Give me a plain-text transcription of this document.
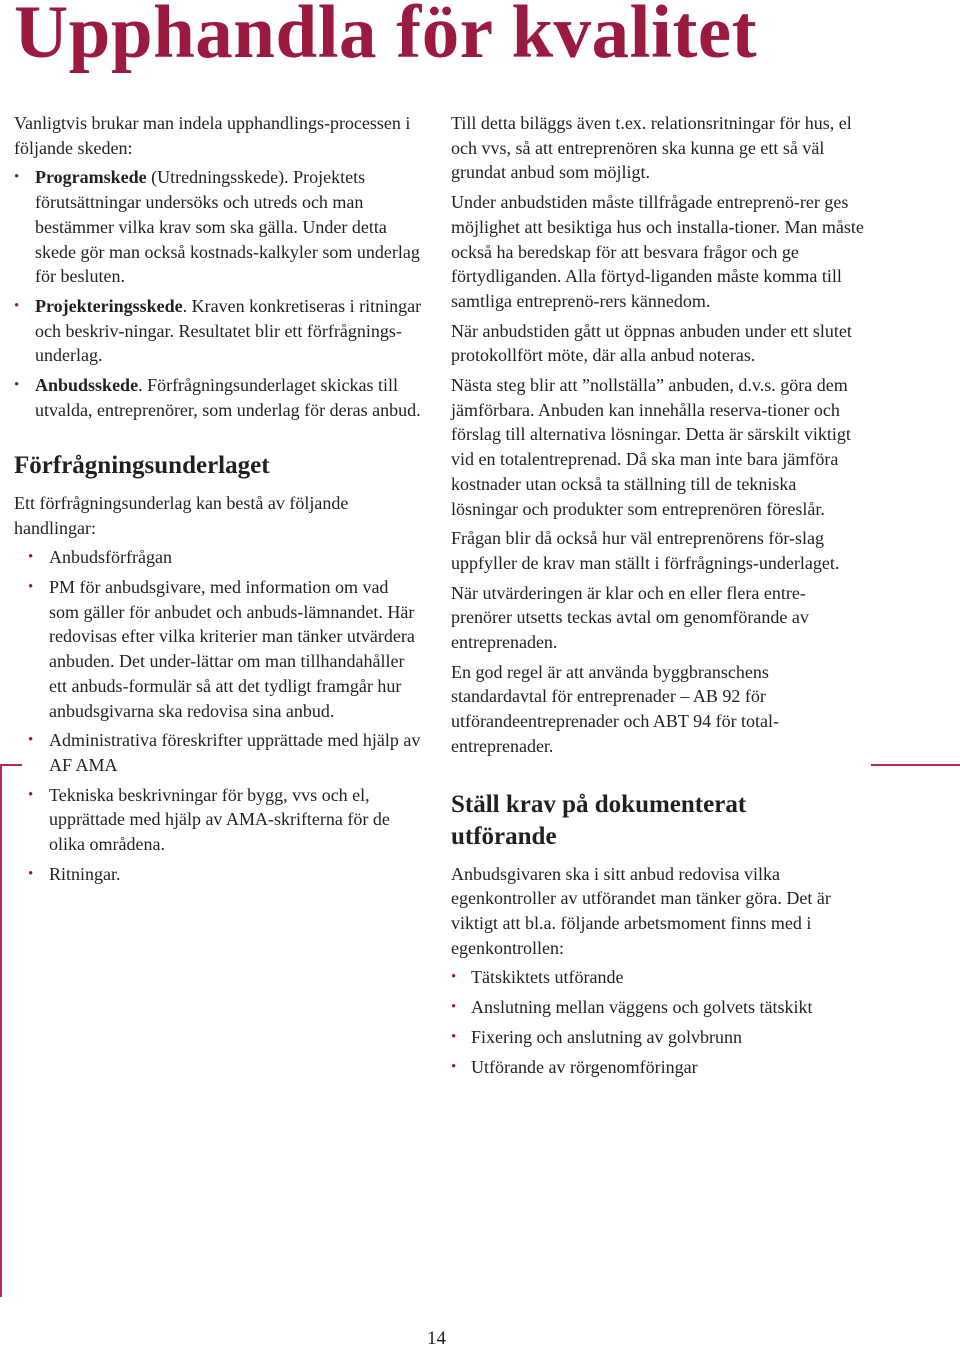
Upphandla för kvalitet

Vanligtvis brukar man indela upphandlings-processen i följande skeden:

• Programskede (Utredningsskede). Projektets förutsättningar undersöks och utreds och man bestämmer vilka krav som ska gälla. Under detta skede gör man också kostnads-kalkyler som underlag för besluten.
• Projekteringsskede. Kraven konkretiseras i ritningar och beskriv-ningar. Resultatet blir ett förfrågnings-underlag.
• Anbudsskede. Förfrågningsunderlaget skickas till utvalda, entreprenörer, som underlag för deras anbud.
Förfrågningsunderlaget

Ett förfrågningsunderlag kan bestå av följande handlingar:

• Anbudsförfrågan
• PM för anbudsgivare, med information om vad som gäller för anbudet och anbuds-lämnandet. Här redovisas efter vilka kriterier man tänker utvärdera anbuden. Det under-lättar om man tillhandahåller ett anbuds-formulär så att det tydligt framgår hur anbudsgivarna ska redovisa sina anbud.
• Administrativa föreskrifter upprättade med hjälp av AF AMA
• Tekniska beskrivningar för bygg, vvs och el, upprättade med hjälp av AMA-skrifterna för de olika områdena.
• Ritningar.

Till detta biläggs även t.ex. relationsritningar för hus, el och vvs, så att entreprenören ska kunna ge ett så väl grundat anbud som möjligt.

Under anbudstiden måste tillfrågade entreprenö-rer ges möjlighet att besiktiga hus och installa-tioner. Man måste också ha beredskap för att besvara frågor och ge förtydliganden. Alla förtyd-liganden måste komma till samtliga entreprenö-rers kännedom.

När anbudstiden gått ut öppnas anbuden under ett slutet protokollfört möte, där alla anbud noteras.

Nästa steg blir att ”nollställa” anbuden, d.v.s. göra dem jämförbara. Anbuden kan innehålla reserva-tioner och förslag till alternativa lösningar. Detta är särskilt viktigt vid en totalentreprenad. Då ska man inte bara jämföra kostnader utan också ta ställning till de tekniska lösningar och produkter som entreprenören föreslår.

Frågan blir då också hur väl entreprenörens för-slag uppfyller de krav man ställt i förfrågnings-underlaget.

När utvärderingen är klar och en eller flera entre-prenörer utsetts teckas avtal om genomförande av entreprenaden.

En god regel är att använda byggbranschens standardavtal för entreprenader – AB 92 för utförandeentreprenader och ABT 94 för total-entreprenader.

Ställ krav på dokumenterat utförande

Anbudsgivaren ska i sitt anbud redovisa vilka egenkontroller av utförandet man tänker göra. Det är viktigt att bl.a. följande arbetsmoment finns med i egenkontrollen:

• Tätskiktets utförande
• Anslutning mellan väggens och golvets tätskikt
• Fixering och anslutning av golvbrunn
• Utförande av rörgenomföringar
14
